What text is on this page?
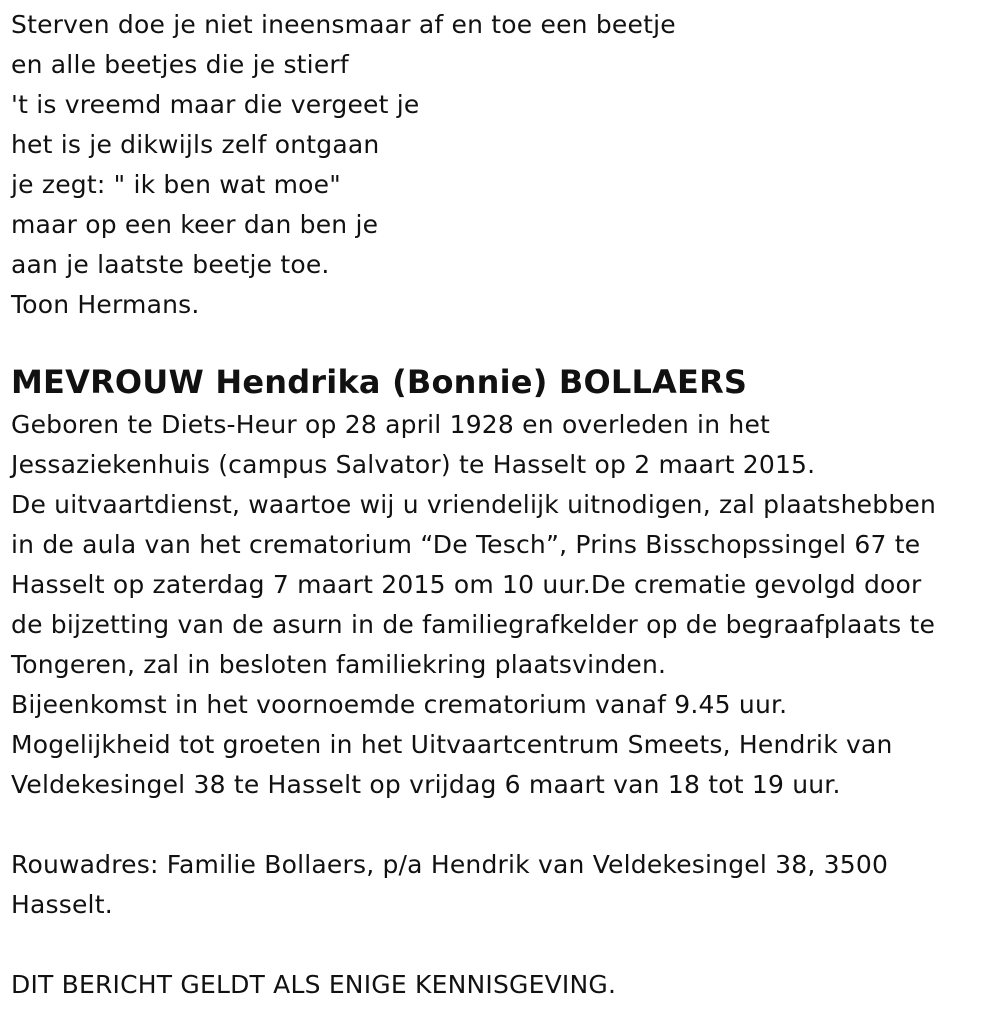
Sterven doe je niet ineensmaar af en toe een beetje
en alle beetjes die je stierf
't is vreemd maar die vergeet je
het is je dikwijls zelf ontgaan
je zegt: " ik ben wat moe"
maar op een keer dan ben je
aan je laatste beetje toe.
Toon Hermans.
MEVROUW Hendrika (Bonnie) BOLLAERS
Geboren te Diets-Heur op 28 april 1928 en overleden in het
Jessaziekenhuis (campus Salvator) te Hasselt op 2 maart 2015.
De uitvaartdienst, waartoe wij u vriendelijk uitnodigen, zal plaatshebben
in de aula van het crematorium “De Tesch”, Prins Bisschopssingel 67 te
Hasselt op zaterdag 7 maart 2015 om 10 uur.De crematie gevolgd door
de bijzetting van de asurn in de familiegrafkelder op de begraafplaats te
Tongeren, zal in besloten familiekring plaatsvinden.
Bijeenkomst in het voornoemde crematorium vanaf 9.45 uur.
Mogelijkheid tot groeten in het Uitvaartcentrum Smeets, Hendrik van
Veldekesingel 38 te Hasselt op vrijdag 6 maart van 18 tot 19 uur.
Rouwadres: Familie Bollaers, p/a Hendrik van Veldekesingel 38, 3500
Hasselt.
DIT BERICHT GELDT ALS ENIGE KENNISGEVING.
